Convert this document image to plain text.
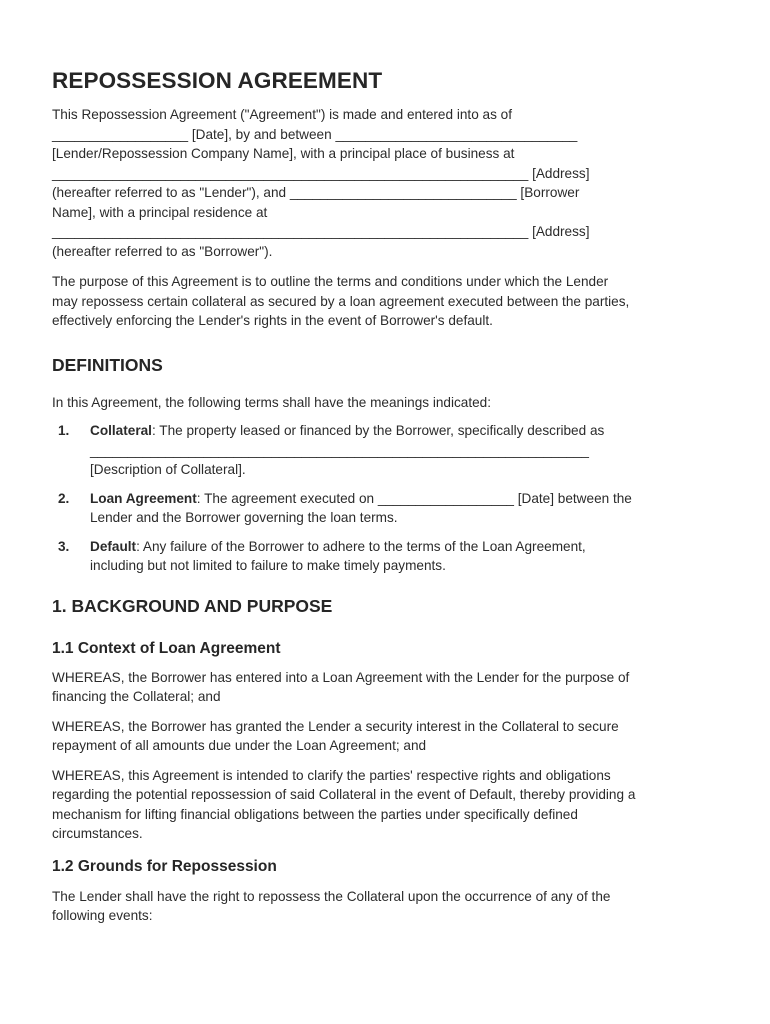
REPOSSESSION AGREEMENT

This Repossession Agreement ("Agreement") is made and entered into as of
__________________ [Date], by and between ________________________________
[Lender/Repossession Company Name], with a principal place of business at
_______________________________________________________________ [Address]
(hereafter referred to as "Lender"), and ______________________________ [Borrower
Name], with a principal residence at
_______________________________________________________________ [Address]
(hereafter referred to as "Borrower").

The purpose of this Agreement is to outline the terms and conditions under which the Lender
may repossess certain collateral as secured by a loan agreement executed between the parties,
effectively enforcing the Lender's rights in the event of Borrower's default.

DEFINITIONS

In this Agreement, the following terms shall have the meanings indicated:

1. Collateral: The property leased or financed by the Borrower, specifically described as
__________________________________________________________________
[Description of Collateral].
2. Loan Agreement: The agreement executed on __________________ [Date] between the
Lender and the Borrower governing the loan terms.
3. Default: Any failure of the Borrower to adhere to the terms of the Loan Agreement,
including but not limited to failure to make timely payments.
1. BACKGROUND AND PURPOSE
1.1 Context of Loan Agreement

WHEREAS, the Borrower has entered into a Loan Agreement with the Lender for the purpose of
financing the Collateral; and

WHEREAS, the Borrower has granted the Lender a security interest in the Collateral to secure
repayment of all amounts due under the Loan Agreement; and

WHEREAS, this Agreement is intended to clarify the parties' respective rights and obligations
regarding the potential repossession of said Collateral in the event of Default, thereby providing a
mechanism for lifting financial obligations between the parties under specifically defined
circumstances.

1.2 Grounds for Repossession

The Lender shall have the right to repossess the Collateral upon the occurrence of any of the
following events:
